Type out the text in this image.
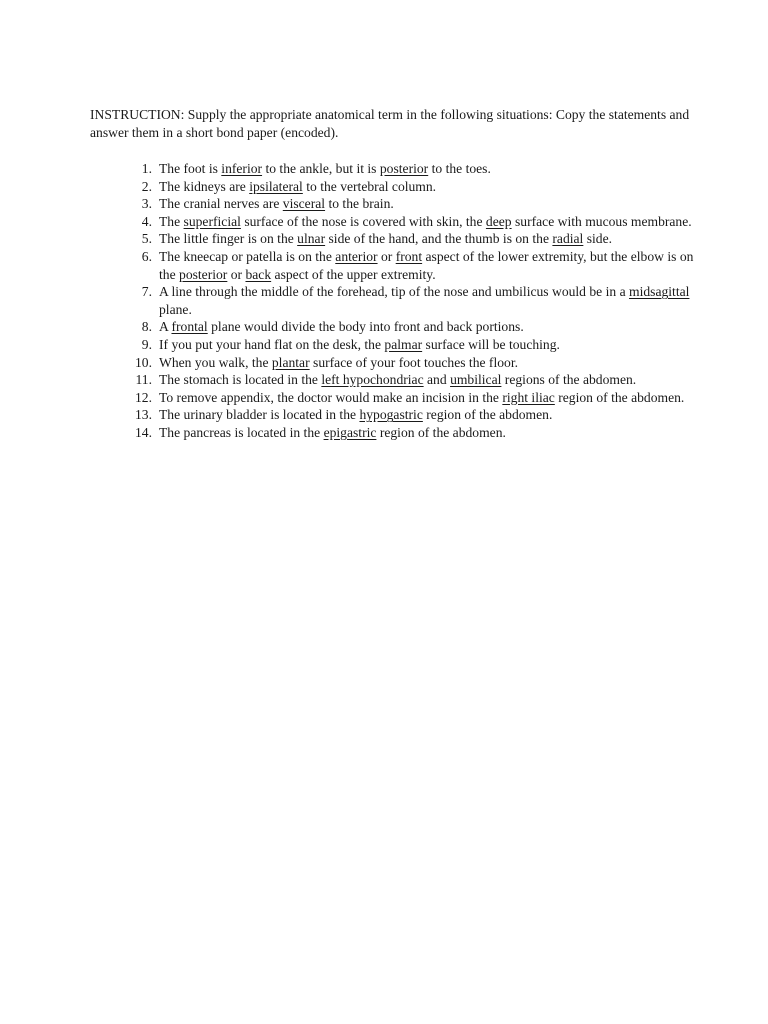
INSTRUCTION: Supply the appropriate anatomical term in the following situations: Copy the statements and answer them in a short bond paper (encoded).

1. The foot is inferior to the ankle, but it is posterior to the toes.
2. The kidneys are ipsilateral to the vertebral column.
3. The cranial nerves are visceral to the brain.
4. The superficial surface of the nose is covered with skin, the deep surface with mucous membrane.
5. The little finger is on the ulnar side of the hand, and the thumb is on the radial side.
6. The kneecap or patella is on the anterior or front aspect of the lower extremity, but the elbow is on the posterior or back aspect of the upper extremity.
7. A line through the middle of the forehead, tip of the nose and umbilicus would be in a midsagittal plane.
8. A frontal plane would divide the body into front and back portions.
9. If you put your hand flat on the desk, the palmar surface will be touching.
10. When you walk, the plantar surface of your foot touches the floor.
11. The stomach is located in the left hypochondriac and umbilical regions of the abdomen.
12. To remove appendix, the doctor would make an incision in the right iliac region of the abdomen.
13. The urinary bladder is located in the hypogastric region of the abdomen.
14. The pancreas is located in the epigastric region of the abdomen.
